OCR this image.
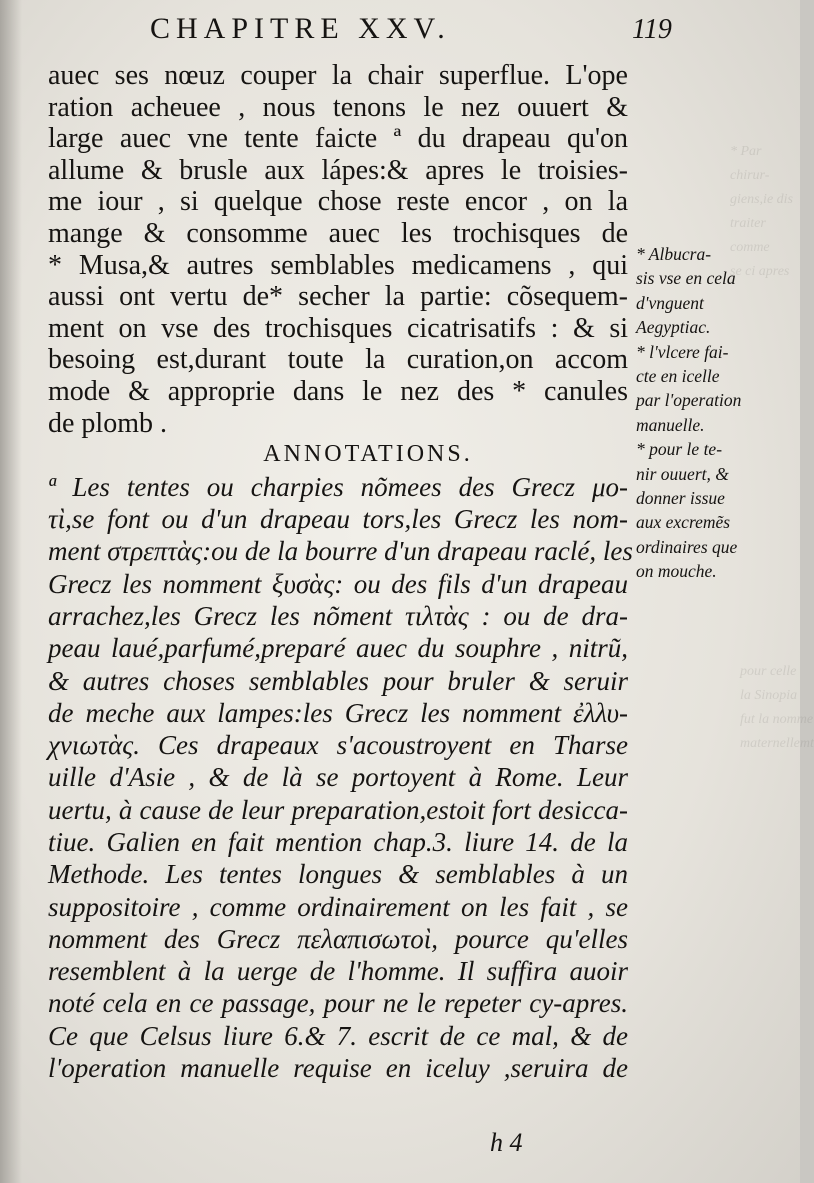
* Par chirur-
giens,ie dis
traiter comme
se ci apres
pour celle
la Sinopia
fut la nomme
maternellemt
CHAPITRE XXV.	119
auec ses nœuz couper la chair superflue. L'ope
ration acheuee , nous tenons le nez ouuert &
large auec vne tente faicte ª du drapeau qu'on
allume & brusle aux lápes:& apres le troisies-
me iour , si quelque chose reste encor , on la
mange & consomme auec les trochisques de
* Musa,& autres semblables medicamens , qui
aussi ont vertu de* secher la partie: cõsequem-
ment on vse des trochisques cicatrisatifs : & si
besoing est,durant toute la curation,on accom
mode & approprie dans le nez des * canules
de plomb .
ANNOTATIONS.
ª Les tentes ou charpies nõmees des Grecz μο-
τὶ,se font ou d'un drapeau tors,les Grecz les nom-
ment στρεπτὰς:ou de la bourre d'un drapeau raclé, les
Grecz les nomment ξυσὰς: ou des fils d'un drapeau
arrachez,les Grecz les nõment τιλτὰς : ou de dra-
peau laué,parfumé,preparé auec du souphre , nitrũ,
& autres choses semblables pour bruler & seruir
de meche aux lampes:les Grecz les nomment ἐλλυ-
χνιωτὰς. Ces drapeaux s'acoustroyent en Tharse
uille d'Asie , & de là se portoyent à Rome. Leur
uertu, à cause de leur preparation,estoit fort desicca-
tiue. Galien en fait mention chap.3. liure 14. de la
Methode. Les tentes longues & semblables à un
suppositoire , comme ordinairement on les fait , se
nomment des Grecz πελαπισωτοὶ, pource qu'elles
resemblent à la uerge de l'homme. Il suffira auoir
noté cela en ce passage, pour ne le repeter cy-apres.
Ce que Celsus liure 6.& 7. escrit de ce mal, & de
l'operation manuelle requise en iceluy ,seruira de
* Albucra-
sis vse en cela
d'vnguent
Aegyptiac.
* l'vlcere fai-
cte en icelle
par l'operation
manuelle.
* pour le te-
nir ouuert, &
donner issue
aux excremẽs
ordinaires que
on mouche.
h 4
